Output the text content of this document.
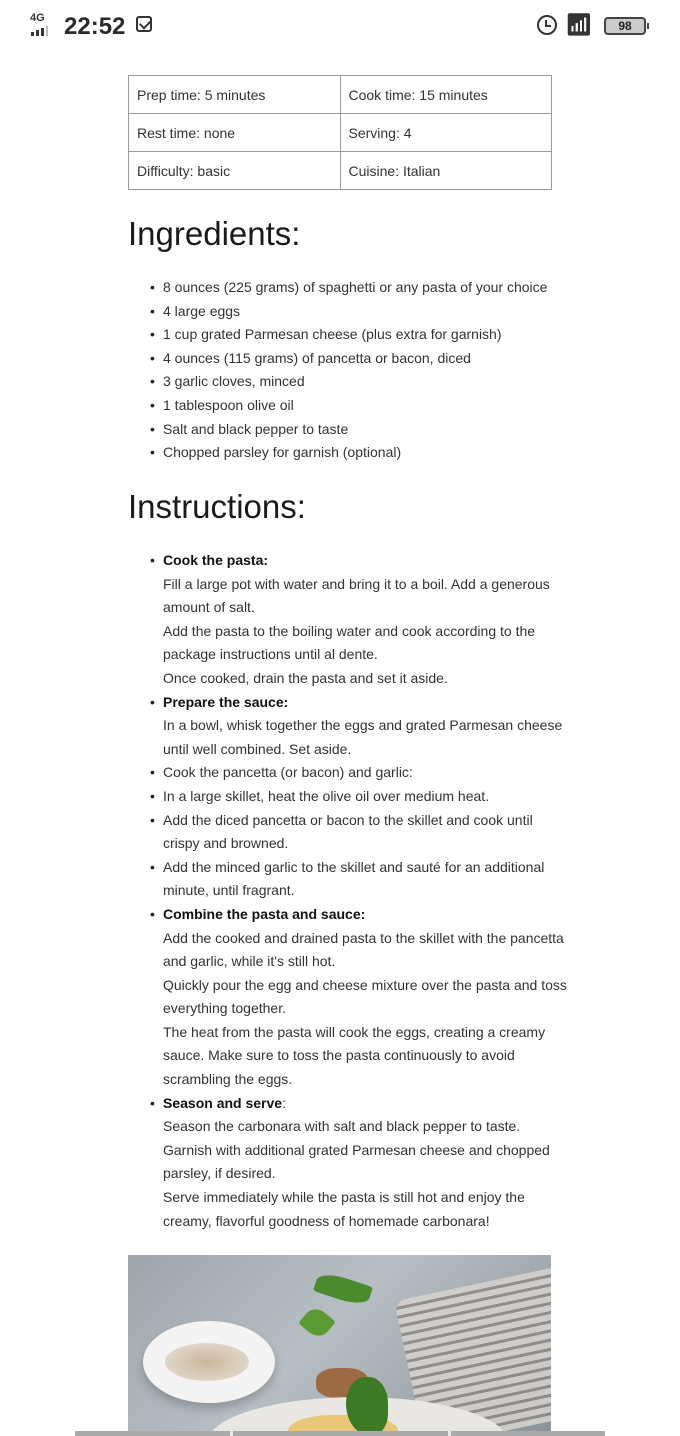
4G 22:52	📶︎	98
Prep time: 5 minutes	Cook time: 15 minutes
Rest time: none	Serving: 4
Difficulty: basic	Cuisine: Italian
Ingredients:
• 8 ounces (225 grams) of spaghetti or any pasta of your choice
• 4 large eggs
• 1 cup grated Parmesan cheese (plus extra for garnish)
• 4 ounces (115 grams) of pancetta or bacon, diced
• 3 garlic cloves, minced
• 1 tablespoon olive oil
• Salt and black pepper to taste
• Chopped parsley for garnish (optional)
Instructions:
• Cook the pasta:
Fill a large pot with water and bring it to a boil. Add a generous amount of salt.
Add the pasta to the boiling water and cook according to the package instructions until al dente.
Once cooked, drain the pasta and set it aside.
• Prepare the sauce:
In a bowl, whisk together the eggs and grated Parmesan cheese until well combined. Set aside.
• Cook the pancetta (or bacon) and garlic:
• In a large skillet, heat the olive oil over medium heat.
• Add the diced pancetta or bacon to the skillet and cook until crispy and browned.
• Add the minced garlic to the skillet and sauté for an additional minute, until fragrant.
• Combine the pasta and sauce:
Add the cooked and drained pasta to the skillet with the pancetta and garlic, while it's still hot.
Quickly pour the egg and cheese mixture over the pasta and toss everything together.
The heat from the pasta will cook the eggs, creating a creamy sauce. Make sure to toss the pasta continuously to avoid scrambling the eggs.
• Season and serve:
Season the carbonara with salt and black pepper to taste.
Garnish with additional grated Parmesan cheese and chopped parsley, if desired.
Serve immediately while the pasta is still hot and enjoy the creamy, flavorful goodness of homemade carbonara!
